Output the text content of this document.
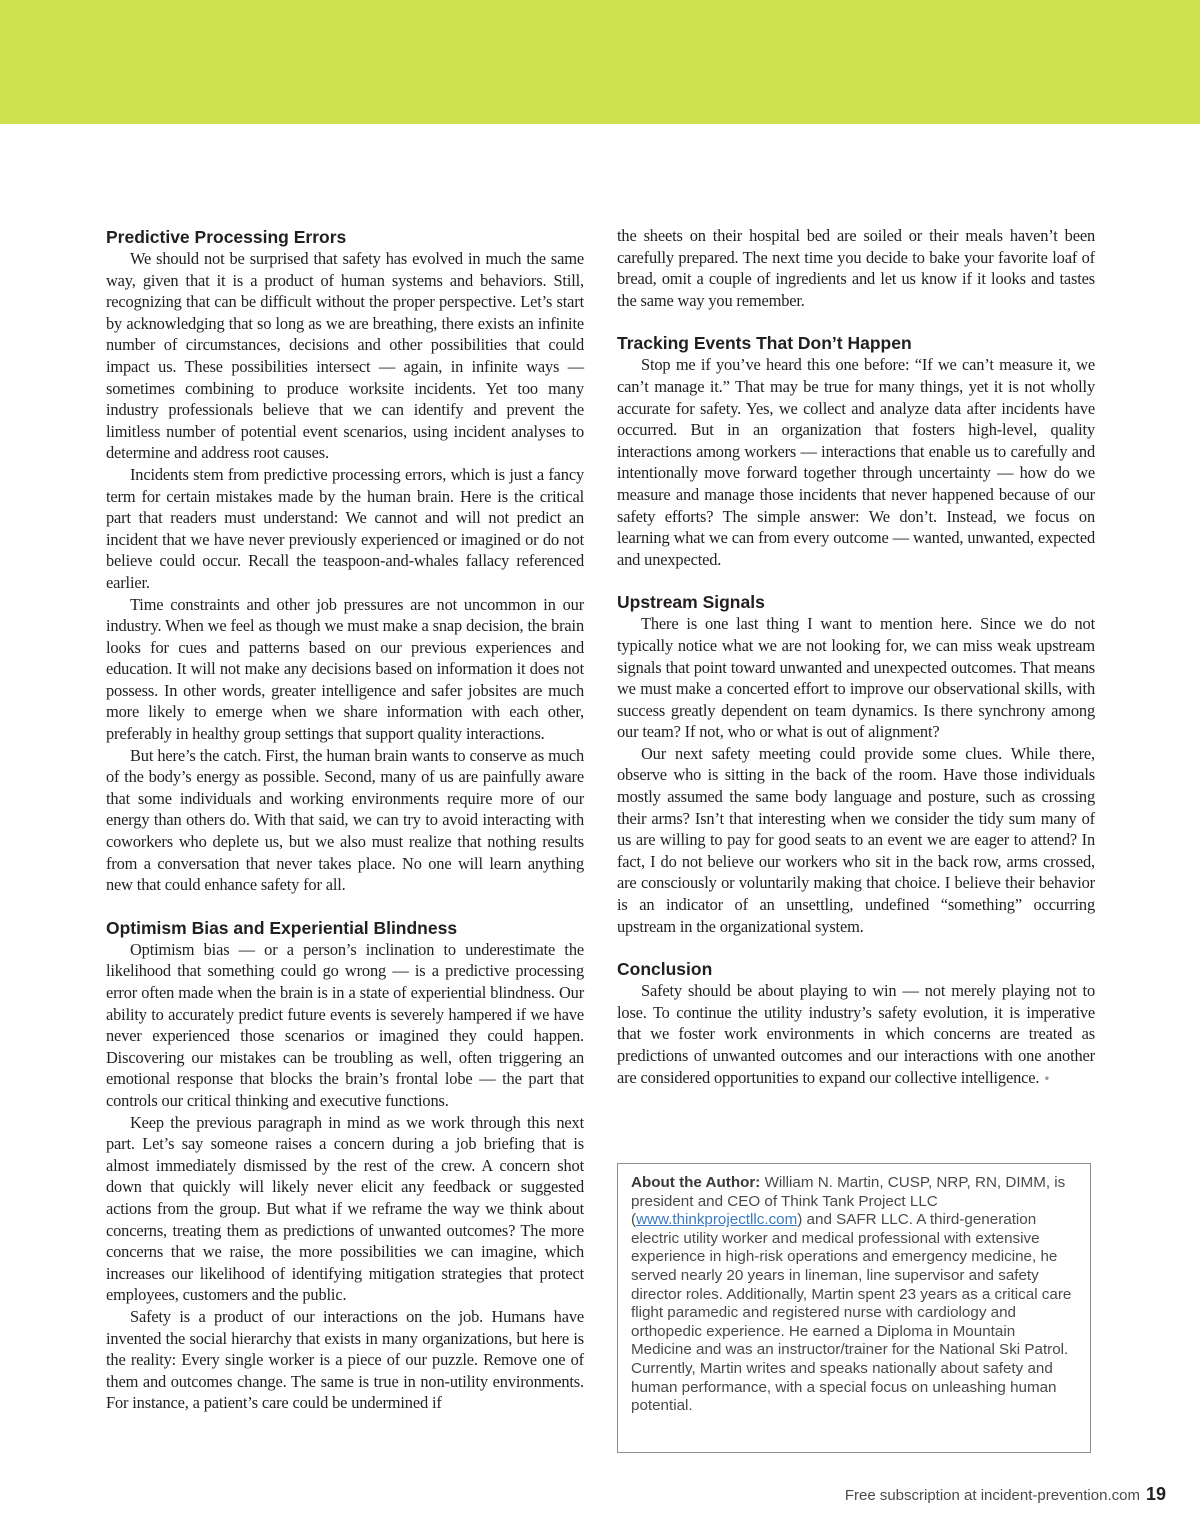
Predictive Processing Errors

We should not be surprised that safety has evolved in much the same way, given that it is a product of human systems and behaviors. Still, recognizing that can be difficult without the proper perspective. Let’s start by acknowledging that so long as we are breathing, there exists an infinite number of circumstances, decisions and other possibilities that could impact us. These possibilities intersect — again, in infinite ways — sometimes combining to produce worksite incidents. Yet too many industry professionals believe that we can identify and prevent the limitless number of potential event scenarios, using incident analyses to determine and address root causes.

Incidents stem from predictive processing errors, which is just a fancy term for certain mistakes made by the human brain. Here is the critical part that readers must understand: We cannot and will not predict an incident that we have never previously experienced or imagined or do not believe could occur. Recall the teaspoon-and-whales fallacy referenced earlier.

Time constraints and other job pressures are not uncommon in our industry. When we feel as though we must make a snap decision, the brain looks for cues and patterns based on our previous experiences and education. It will not make any decisions based on information it does not possess. In other words, greater intelligence and safer jobsites are much more likely to emerge when we share information with each other, preferably in healthy group settings that support quality interactions.

But here’s the catch. First, the human brain wants to conserve as much of the body’s energy as possible. Second, many of us are painfully aware that some individuals and working environments require more of our energy than others do. With that said, we can try to avoid interacting with coworkers who deplete us, but we also must realize that nothing results from a conversation that never takes place. No one will learn anything new that could enhance safety for all.

Optimism Bias and Experiential Blindness

Optimism bias — or a person’s inclination to underestimate the likelihood that something could go wrong — is a predictive processing error often made when the brain is in a state of experiential blindness. Our ability to accurately predict future events is severely hampered if we have never experienced those scenarios or imagined they could happen. Discovering our mistakes can be troubling as well, often triggering an emotional response that blocks the brain’s frontal lobe — the part that controls our critical thinking and executive functions.

Keep the previous paragraph in mind as we work through this next part. Let’s say someone raises a concern during a job briefing that is almost immediately dismissed by the rest of the crew. A concern shot down that quickly will likely never elicit any feedback or suggested actions from the group. But what if we reframe the way we think about concerns, treating them as predictions of unwanted outcomes? The more concerns that we raise, the more possibilities we can imagine, which increases our likelihood of identifying mitigation strategies that protect employees, customers and the public.

Safety is a product of our interactions on the job. Humans have invented the social hierarchy that exists in many organizations, but here is the reality: Every single worker is a piece of our puzzle. Remove one of them and outcomes change. The same is true in non-utility environments. For instance, a patient’s care could be undermined if

the sheets on their hospital bed are soiled or their meals haven’t been carefully prepared. The next time you decide to bake your favorite loaf of bread, omit a couple of ingredients and let us know if it looks and tastes the same way you remember.

Tracking Events That Don’t Happen

Stop me if you’ve heard this one before: “If we can’t measure it, we can’t manage it.” That may be true for many things, yet it is not wholly accurate for safety. Yes, we collect and analyze data after incidents have occurred. But in an organization that fosters high-level, quality interactions among workers — interactions that enable us to carefully and intentionally move forward together through uncertainty — how do we measure and manage those incidents that never happened because of our safety efforts? The simple answer: We don’t. Instead, we focus on learning what we can from every outcome — wanted, unwanted, expected and unexpected.

Upstream Signals

There is one last thing I want to mention here. Since we do not typically notice what we are not looking for, we can miss weak upstream signals that point toward unwanted and unexpected outcomes. That means we must make a concerted effort to improve our observational skills, with success greatly dependent on team dynamics. Is there synchrony among our team? If not, who or what is out of alignment?

Our next safety meeting could provide some clues. While there, observe who is sitting in the back of the room. Have those individuals mostly assumed the same body language and posture, such as crossing their arms? Isn’t that interesting when we consider the tidy sum many of us are willing to pay for good seats to an event we are eager to attend? In fact, I do not believe our workers who sit in the back row, arms crossed, are consciously or voluntarily making that choice. I believe their behavior is an indicator of an unsettling, undefined “something” occurring upstream in the organizational system.

Conclusion

Safety should be about playing to win — not merely playing not to lose. To continue the utility industry’s safety evolution, it is imperative that we foster work environments in which concerns are treated as predictions of unwanted outcomes and our interactions with one another are considered opportunities to expand our collective intelligence. •

About the Author: William N. Martin, CUSP, NRP, RN, DIMM, is president and CEO of Think Tank Project LLC (www.thinkprojectllc.com) and SAFR LLC. A third-generation electric utility worker and medical professional with extensive experience in high-risk operations and emergency medicine, he served nearly 20 years in lineman, line supervisor and safety director roles. Additionally, Martin spent 23 years as a critical care flight paramedic and registered nurse with cardiology and orthopedic experience. He earned a Diploma in Mountain Medicine and was an instructor/trainer for the National Ski Patrol. Currently, Martin writes and speaks nationally about safety and human performance, with a special focus on unleashing human potential.
Free subscription at incident-prevention.com 19
